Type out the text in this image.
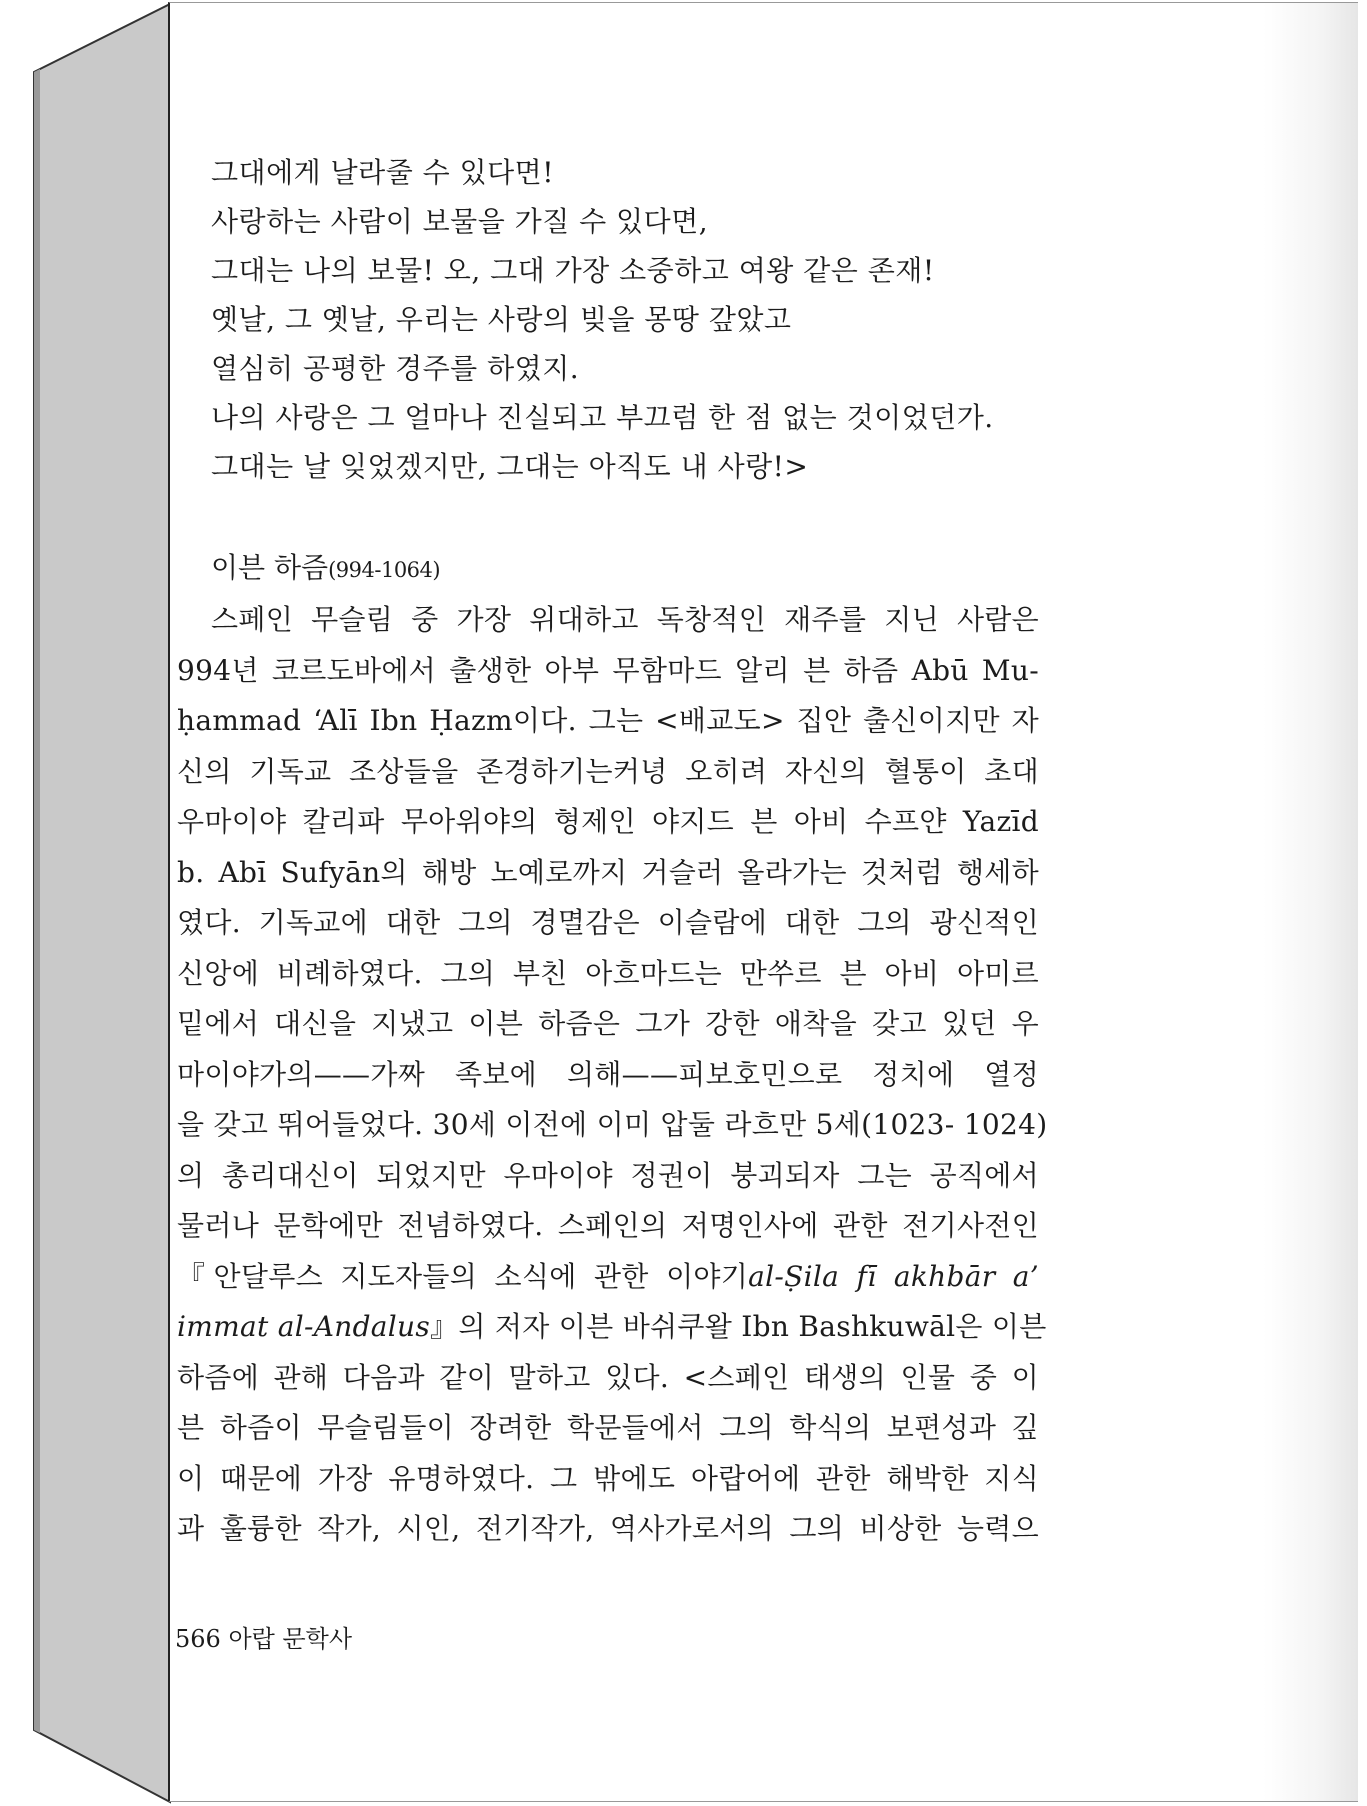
그대에게 날라줄 수 있다면!
사랑하는 사람이 보물을 가질 수 있다면,
그대는 나의 보물! 오, 그대 가장 소중하고 여왕 같은 존재!
옛날, 그 옛날, 우리는 사랑의 빚을 몽땅 갚았고
열심히 공평한 경주를 하였지.
나의 사랑은 그 얼마나 진실되고 부끄럼 한 점 없는 것이었던가.
그대는 날 잊었겠지만, 그대는 아직도 내 사랑!>
이븐 하즘(994-1064)
스페인 무슬림 중 가장 위대하고 독창적인 재주를 지닌 사람은
994년 코르도바에서 출생한 아부 무함마드 알리 븐 하즘 Abū Mu-
ḥammad ‘Alī Ibn Ḥazm이다. 그는 <배교도> 집안 출신이지만 자
신의 기독교 조상들을 존경하기는커녕 오히려 자신의 혈통이 초대
우마이야 칼리파 무아위야의 형제인 야지드 븐 아비 수프얀 Yazīd
b. Abī Sufyān의 해방 노예로까지 거슬러 올라가는 것처럼 행세하
였다. 기독교에 대한 그의 경멸감은 이슬람에 대한 그의 광신적인
신앙에 비례하였다. 그의 부친 아흐마드는 만쑤르 븐 아비 아미르
밑에서 대신을 지냈고 이븐 하즘은 그가 강한 애착을 갖고 있던 우
마이야가의——가짜 족보에 의해——피보호민으로 정치에 열정
을 갖고 뛰어들었다. 30세 이전에 이미 압둘 라흐만 5세(1023- 1024)
의 총리대신이 되었지만 우마이야 정권이 붕괴되자 그는 공직에서
물러나 문학에만 전념하였다. 스페인의 저명인사에 관한 전기사전인
『안달루스 지도자들의 소식에 관한 이야기al-Ṣila fī akhbār a’
immat al-Andalus』의 저자 이븐 바쉬쿠왈 Ibn Bashkuwāl은 이븐
하즘에 관해 다음과 같이 말하고 있다. <스페인 태생의 인물 중 이
븐 하즘이 무슬림들이 장려한 학문들에서 그의 학식의 보편성과 깊
이 때문에 가장 유명하였다. 그 밖에도 아랍어에 관한 해박한 지식
과 훌륭한 작가, 시인, 전기작가, 역사가로서의 그의 비상한 능력으
566 아랍 문학사
